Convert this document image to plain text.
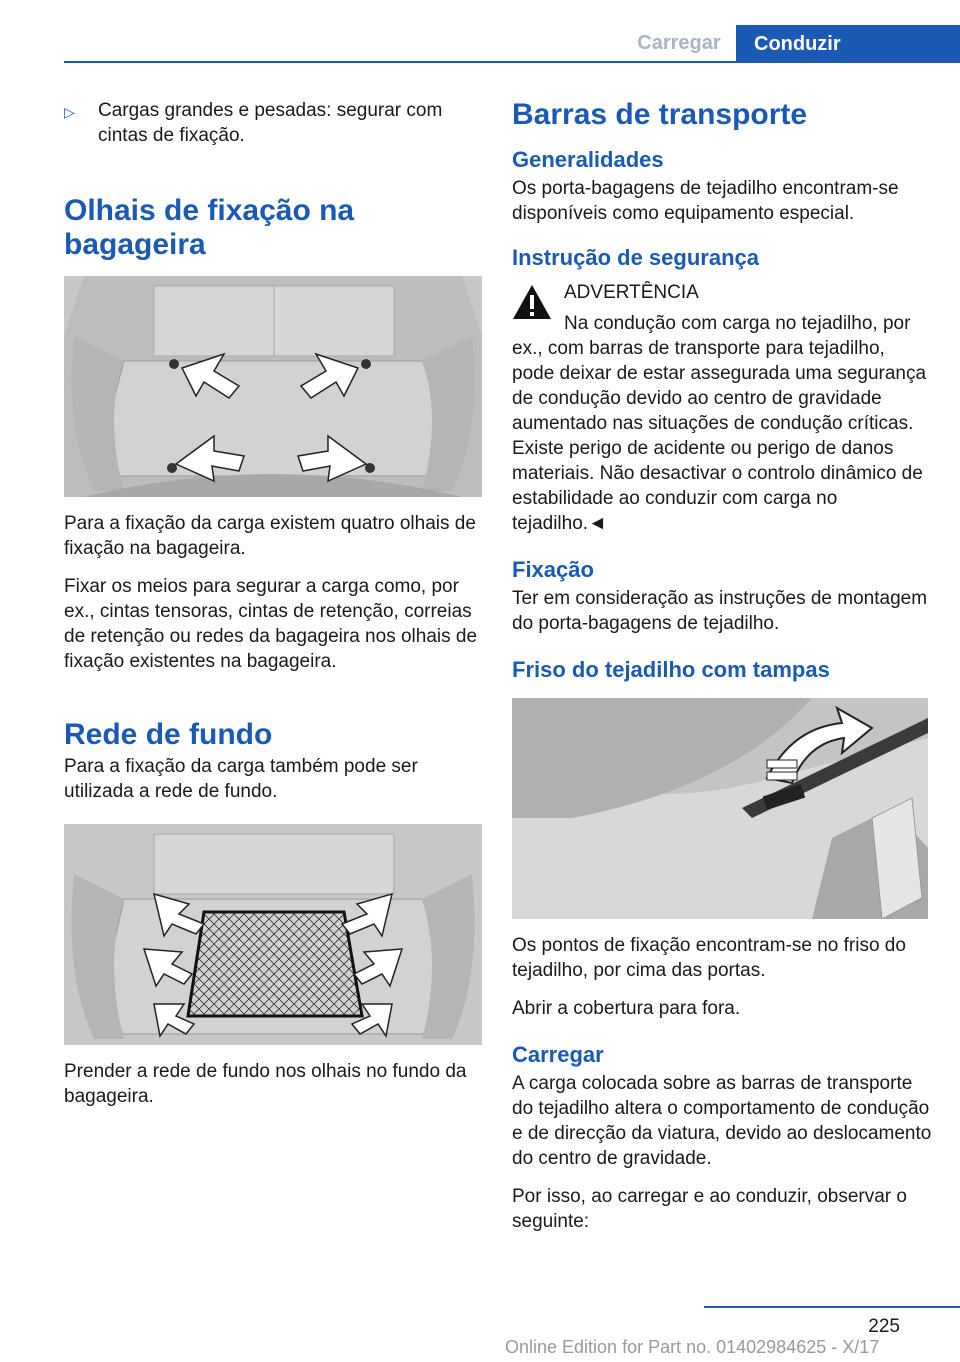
Carregar	Conduzir
▷	Cargas grandes e pesadas: segurar com cintas de fixação.
Olhais de fixação na bagageira

Para a fixação da carga existem quatro olhais de fixação na bagageira.

Fixar os meios para segurar a carga como, por ex., cintas tensoras, cintas de retenção, correias de retenção ou redes da bagageira nos olhais de fixação existentes na bagageira.

Rede de fundo

Para a fixação da carga também pode ser utilizada a rede de fundo.

Prender a rede de fundo nos olhais no fundo da bagageira.

Barras de transporte
Generalidades

Os porta-bagagens de tejadilho encontram-se disponíveis como equipamento especial.

Instrução de segurança
ADVERTÊNCIA

Na condução com carga no tejadilho, por ex., com barras de transporte para tejadilho, pode deixar de estar assegurada uma segurança de condução devido ao centro de gravidade aumentado nas situações de condução críticas. Existe perigo de acidente ou perigo de danos materiais. Não desactivar o controlo dinâmico de estabilidade ao conduzir com carga no tejadilho.◄

Fixação

Ter em consideração as instruções de montagem do porta-bagagens de tejadilho.

Friso do tejadilho com tampas

Os pontos de fixação encontram-se no friso do tejadilho, por cima das portas.

Abrir a cobertura para fora.

Carregar

A carga colocada sobre as barras de transporte do tejadilho altera o comportamento de condução e de direcção da viatura, devido ao deslocamento do centro de gravidade.

Por isso, ao carregar e ao conduzir, observar o seguinte:

225
Online Edition for Part no. 01402984625 - X/17
